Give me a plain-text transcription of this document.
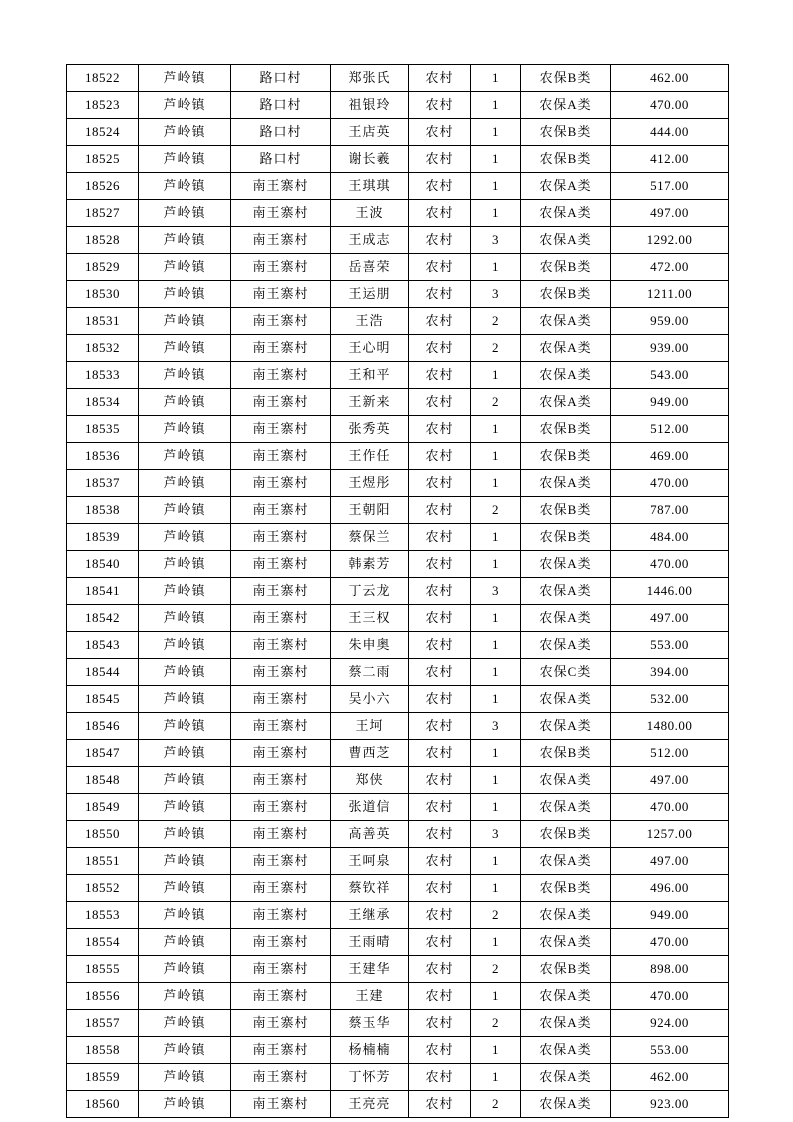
18522	芦岭镇	路口村	郑张氏	农村	1	农保B类	462.00
18523	芦岭镇	路口村	祖银玲	农村	1	农保A类	470.00
18524	芦岭镇	路口村	王店英	农村	1	农保B类	444.00
18525	芦岭镇	路口村	谢长羲	农村	1	农保B类	412.00
18526	芦岭镇	南王寨村	王琪琪	农村	1	农保A类	517.00
18527	芦岭镇	南王寨村	王波	农村	1	农保A类	497.00
18528	芦岭镇	南王寨村	王成志	农村	3	农保A类	1292.00
18529	芦岭镇	南王寨村	岳喜荣	农村	1	农保B类	472.00
18530	芦岭镇	南王寨村	王运朋	农村	3	农保B类	1211.00
18531	芦岭镇	南王寨村	王浩	农村	2	农保A类	959.00
18532	芦岭镇	南王寨村	王心明	农村	2	农保A类	939.00
18533	芦岭镇	南王寨村	王和平	农村	1	农保A类	543.00
18534	芦岭镇	南王寨村	王新来	农村	2	农保A类	949.00
18535	芦岭镇	南王寨村	张秀英	农村	1	农保B类	512.00
18536	芦岭镇	南王寨村	王作任	农村	1	农保B类	469.00
18537	芦岭镇	南王寨村	王煜彤	农村	1	农保A类	470.00
18538	芦岭镇	南王寨村	王朝阳	农村	2	农保B类	787.00
18539	芦岭镇	南王寨村	蔡保兰	农村	1	农保B类	484.00
18540	芦岭镇	南王寨村	韩素芳	农村	1	农保A类	470.00
18541	芦岭镇	南王寨村	丁云龙	农村	3	农保A类	1446.00
18542	芦岭镇	南王寨村	王三权	农村	1	农保A类	497.00
18543	芦岭镇	南王寨村	朱申奥	农村	1	农保A类	553.00
18544	芦岭镇	南王寨村	蔡二雨	农村	1	农保C类	394.00
18545	芦岭镇	南王寨村	吴小六	农村	1	农保A类	532.00
18546	芦岭镇	南王寨村	王坷	农村	3	农保A类	1480.00
18547	芦岭镇	南王寨村	曹西芝	农村	1	农保B类	512.00
18548	芦岭镇	南王寨村	郑侠	农村	1	农保A类	497.00
18549	芦岭镇	南王寨村	张道信	农村	1	农保A类	470.00
18550	芦岭镇	南王寨村	高善英	农村	3	农保B类	1257.00
18551	芦岭镇	南王寨村	王呵泉	农村	1	农保A类	497.00
18552	芦岭镇	南王寨村	蔡钦祥	农村	1	农保B类	496.00
18553	芦岭镇	南王寨村	王继承	农村	2	农保A类	949.00
18554	芦岭镇	南王寨村	王雨晴	农村	1	农保A类	470.00
18555	芦岭镇	南王寨村	王建华	农村	2	农保B类	898.00
18556	芦岭镇	南王寨村	王建	农村	1	农保A类	470.00
18557	芦岭镇	南王寨村	蔡玉华	农村	2	农保A类	924.00
18558	芦岭镇	南王寨村	杨楠楠	农村	1	农保A类	553.00
18559	芦岭镇	南王寨村	丁怀芳	农村	1	农保A类	462.00
18560	芦岭镇	南王寨村	王亮亮	农村	2	农保A类	923.00
